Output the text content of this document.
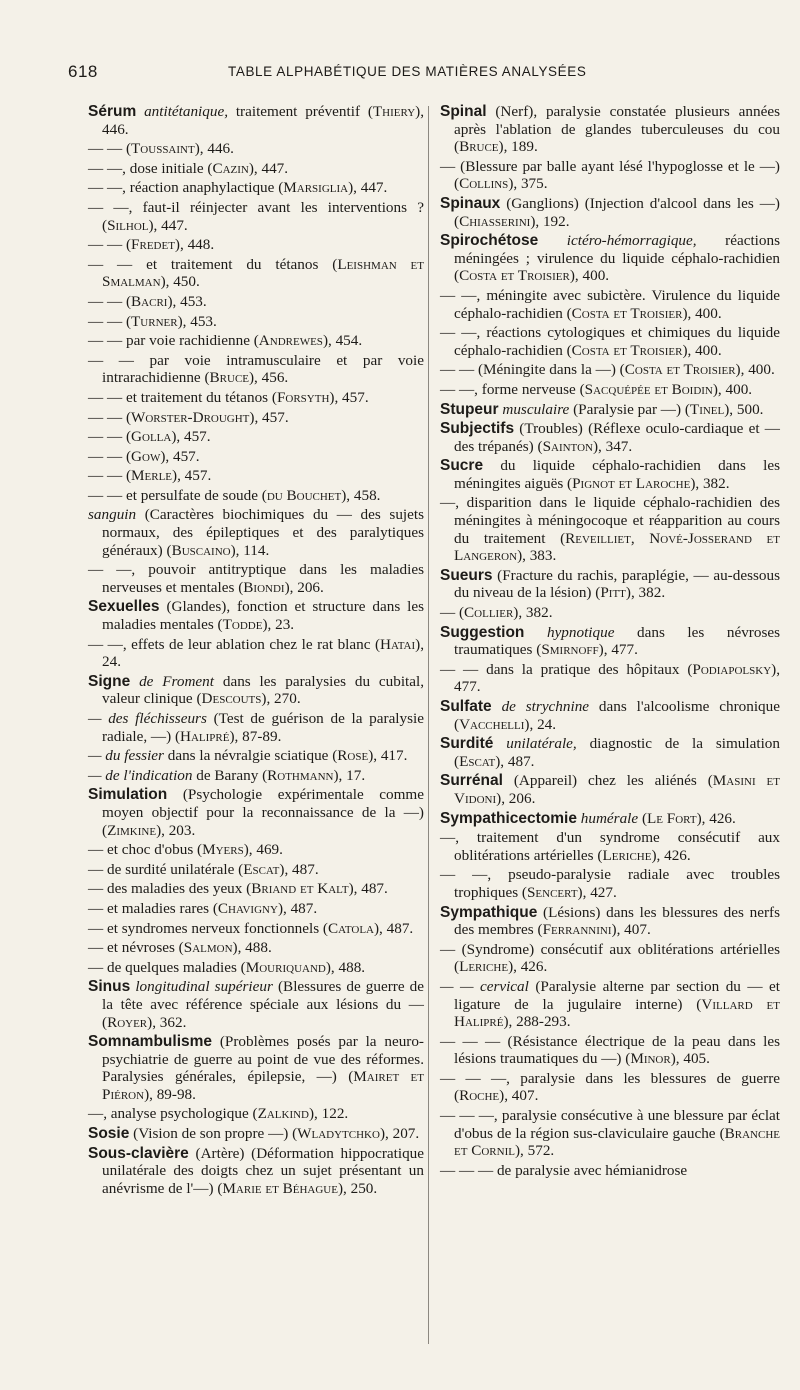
618	TABLE ALPHABÉTIQUE DES MATIÈRES ANALYSÉES
Sérum antitétanique, traitement préventif (Thiery), 446.
— — (Toussaint), 446.
— —, dose initiale (Cazin), 447.
— —, réaction anaphylactique (Marsiglia), 447.
— —, faut-il réinjecter avant les interventions ? (Silhol), 447.
— — (Fredet), 448.
— — et traitement du tétanos (Leishman et Smalman), 450.
— — (Bacri), 453.
— — (Turner), 453.
— — par voie rachidienne (Andrewes), 454.
— — par voie intramusculaire et par voie intrarachidienne (Bruce), 456.
— — et traitement du tétanos (Forsyth), 457.
— — (Worster-Drought), 457.
— — (Golla), 457.
— — (Gow), 457.
— — (Merle), 457.
— — et persulfate de soude (du Bouchet), 458.
sanguin (Caractères biochimiques du — des sujets normaux, des épileptiques et des paralytiques généraux) (Buscaino), 114.
— —, pouvoir antitryptique dans les maladies nerveuses et mentales (Biondi), 206.
Sexuelles (Glandes), fonction et structure dans les maladies mentales (Todde), 23.
— —, effets de leur ablation chez le rat blanc (Hatai), 24.
Signe de Froment dans les paralysies du cubital, valeur clinique (Descouts), 270.
— des fléchisseurs (Test de guérison de la paralysie radiale, —) (Halipré), 87-89.
— du fessier dans la névralgie sciatique (Rose), 417.
— de l'indication de Barany (Rothmann), 17.
Simulation (Psychologie expérimentale comme moyen objectif pour la reconnaissance de la —) (Zimkine), 203.
— et choc d'obus (Myers), 469.
— de surdité unilatérale (Escat), 487.
— des maladies des yeux (Briand et Kalt), 487.
— et maladies rares (Chavigny), 487.
— et syndromes nerveux fonctionnels (Catola), 487.
— et névroses (Salmon), 488.
— de quelques maladies (Mouriquand), 488.
Sinus longitudinal supérieur (Blessures de guerre de la tête avec référence spéciale aux lésions du — (Royer), 362.
Somnambulisme (Problèmes posés par la neuro-psychiatrie de guerre au point de vue des réformes. Paralysies générales, épilepsie, —) (Mairet et Piéron), 89-98.
—, analyse psychologique (Zalkind), 122.
Sosie (Vision de son propre —) (Wladytchko), 207.
Sous-clavière (Artère) (Déformation hippocratique unilatérale des doigts chez un sujet présentant un anévrisme de l'—) (Marie et Béhague), 250.
Spinal (Nerf), paralysie constatée plusieurs années après l'ablation de glandes tuberculeuses du cou (Bruce), 189.
— (Blessure par balle ayant lésé l'hypoglosse et le —) (Collins), 375.
Spinaux (Ganglions) (Injection d'alcool dans les —) (Chiasserini), 192.
Spirochétose ictéro-hémorragique, réactions méningées ; virulence du liquide céphalo-rachidien (Costa et Troisier), 400.
— —, méningite avec subictère. Virulence du liquide céphalo-rachidien (Costa et Troisier), 400.
— —, réactions cytologiques et chimiques du liquide céphalo-rachidien (Costa et Troisier), 400.
— — (Méningite dans la —) (Costa et Troisier), 400.
— —, forme nerveuse (Sacquépée et Boidin), 400.
Stupeur musculaire (Paralysie par —) (Tinel), 500.
Subjectifs (Troubles) (Réflexe oculo-cardiaque et — des trépanés) (Sainton), 347.
Sucre du liquide céphalo-rachidien dans les méningites aiguës (Pignot et Laroche), 382.
—, disparition dans le liquide céphalo-rachidien des méningites à méningocoque et réapparition au cours du traitement (Reveilliet, Nové-Josserand et Langeron), 383.
Sueurs (Fracture du rachis, paraplégie, — au-dessous du niveau de la lésion) (Pitt), 382.
— (Collier), 382.
Suggestion hypnotique dans les névroses traumatiques (Smirnoff), 477.
— — dans la pratique des hôpitaux (Podiapolsky), 477.
Sulfate de strychnine dans l'alcoolisme chronique (Vacchelli), 24.
Surdité unilatérale, diagnostic de la simulation (Escat), 487.
Surrénal (Appareil) chez les aliénés (Masini et Vidoni), 206.
Sympathicectomie humérale (Le Fort), 426.
—, traitement d'un syndrome consécutif aux oblitérations artérielles (Leriche), 426.
— —, pseudo-paralysie radiale avec troubles trophiques (Sencert), 427.
Sympathique (Lésions) dans les blessures des nerfs des membres (Ferrannini), 407.
— (Syndrome) consécutif aux oblitérations artérielles (Leriche), 426.
— — cervical (Paralysie alterne par section du — et ligature de la jugulaire interne) (Villard et Halipré), 288-293.
— — — (Résistance électrique de la peau dans les lésions traumatiques du —) (Minor), 405.
— — —, paralysie dans les blessures de guerre (Roche), 407.
— — —, paralysie consécutive à une blessure par éclat d'obus de la région sus-claviculaire gauche (Branche et Cornil), 572.
— — — de paralysie avec hémianidrose
